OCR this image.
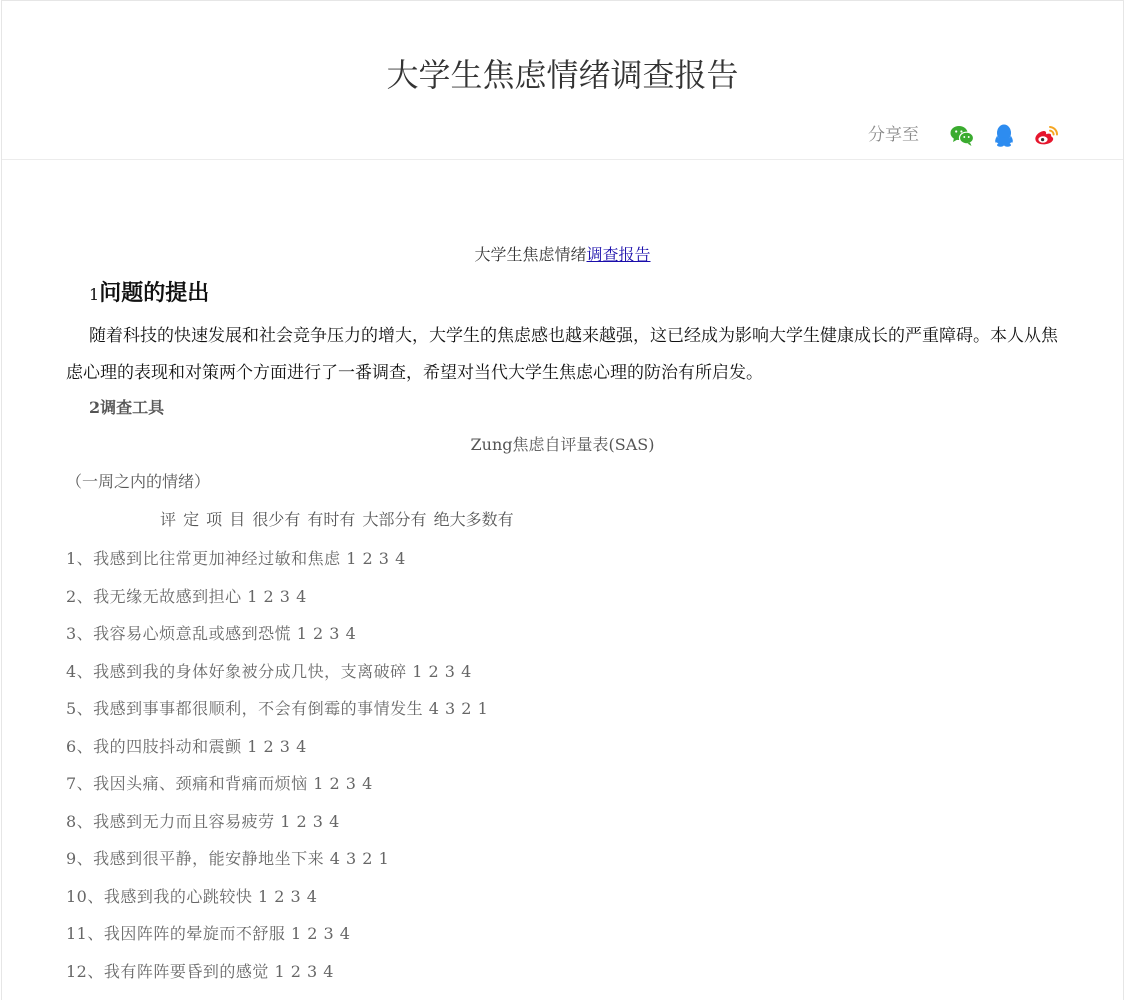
大学生焦虑情绪调查报告
分享至
大学生焦虑情绪调查报告
1问题的提出

随着科技的快速发展和社会竞争压力的增大，大学生的焦虑感也越来越强，这已经成为影响大学生健康成长的严重障碍。本人从焦虑心理的表现和对策两个方面进行了一番调查，希望对当代大学生焦虑心理的防治有所启发。

2调查工具
Zung焦虑自评量表(SAS)
（一周之内的情绪）
评 定 项 目 很少有 有时有 大部分有 绝大多数有
1、我感到比往常更加神经过敏和焦虑 1 2 3 4
2、我无缘无故感到担心 1 2 3 4
3、我容易心烦意乱或感到恐慌 1 2 3 4
4、我感到我的身体好象被分成几快，支离破碎 1 2 3 4
5、我感到事事都很顺利，不会有倒霉的事情发生 4 3 2 1
6、我的四肢抖动和震颤 1 2 3 4
7、我因头痛、颈痛和背痛而烦恼 1 2 3 4
8、我感到无力而且容易疲劳 1 2 3 4
9、我感到很平静，能安静地坐下来 4 3 2 1
10、我感到我的心跳较快 1 2 3 4
11、我因阵阵的晕旋而不舒服 1 2 3 4
12、我有阵阵要昏到的感觉 1 2 3 4
